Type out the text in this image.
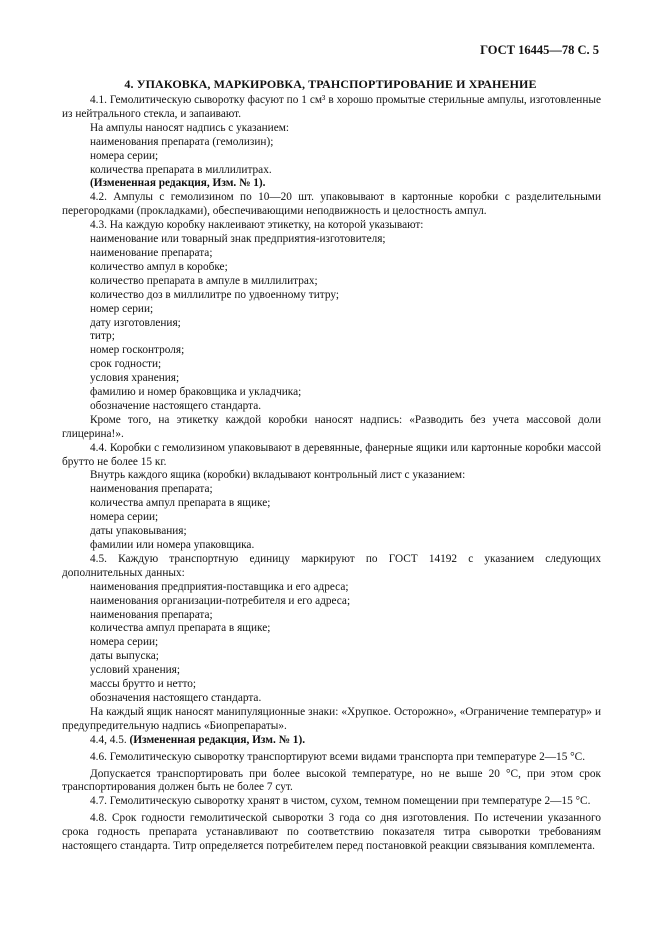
ГОСТ 16445—78 С. 5
4. УПАКОВКА, МАРКИРОВКА, ТРАНСПОРТИРОВАНИЕ И ХРАНЕНИЕ
4.1. Гемолитическую сыворотку фасуют по 1 см³ в хорошо промытые стерильные ампулы, изготовленные из нейтрального стекла, и запаивают.
На ампулы наносят надпись с указанием:
наименования препарата (гемолизин);
номера серии;
количества препарата в миллилитрах.
(Измененная редакция, Изм. № 1).
4.2. Ампулы с гемолизином по 10—20 шт. упаковывают в картонные коробки с разделительными перегородками (прокладками), обеспечивающими неподвижность и целостность ампул.
4.3. На каждую коробку наклеивают этикетку, на которой указывают:
наименование или товарный знак предприятия-изготовителя;
наименование препарата;
количество ампул в коробке;
количество препарата в ампуле в миллилитрах;
количество доз в миллилитре по удвоенному титру;
номер серии;
дату изготовления;
титр;
номер госконтроля;
срок годности;
условия хранения;
фамилию и номер браковщика и укладчика;
обозначение настоящего стандарта.
Кроме того, на этикетку каждой коробки наносят надпись: «Разводить без учета массовой доли глицерина!».
4.4. Коробки с гемолизином упаковывают в деревянные, фанерные ящики или картонные коробки массой брутто не более 15 кг.
Внутрь каждого ящика (коробки) вкладывают контрольный лист с указанием:
наименования препарата;
количества ампул препарата в ящике;
номера серии;
даты упаковывания;
фамилии или номера упаковщика.
4.5. Каждую транспортную единицу маркируют по ГОСТ 14192 с указанием следующих дополнительных данных:
наименования предприятия-поставщика и его адреса;
наименования организации-потребителя и его адреса;
наименования препарата;
количества ампул препарата в ящике;
номера серии;
даты выпуска;
условий хранения;
массы брутто и нетто;
обозначения настоящего стандарта.
На каждый ящик наносят манипуляционные знаки: «Хрупкое. Осторожно», «Ограничение температур» и предупредительную надпись «Биопрепараты».
4.4, 4.5. (Измененная редакция, Изм. № 1).
4.6. Гемолитическую сыворотку транспортируют всеми видами транспорта при температуре 2—15 °С.
Допускается транспортировать при более высокой температуре, но не выше 20 °С, при этом срок транспортирования должен быть не более 7 сут.
4.7. Гемолитическую сыворотку хранят в чистом, сухом, темном помещении при температуре 2—15 °С.
4.8. Срок годности гемолитической сыворотки 3 года со дня изготовления. По истечении указанного срока годность препарата устанавливают по соответствию показателя титра сыворотки требованиям настоящего стандарта. Титр определяется потребителем перед постановкой реакции связывания комплемента.
